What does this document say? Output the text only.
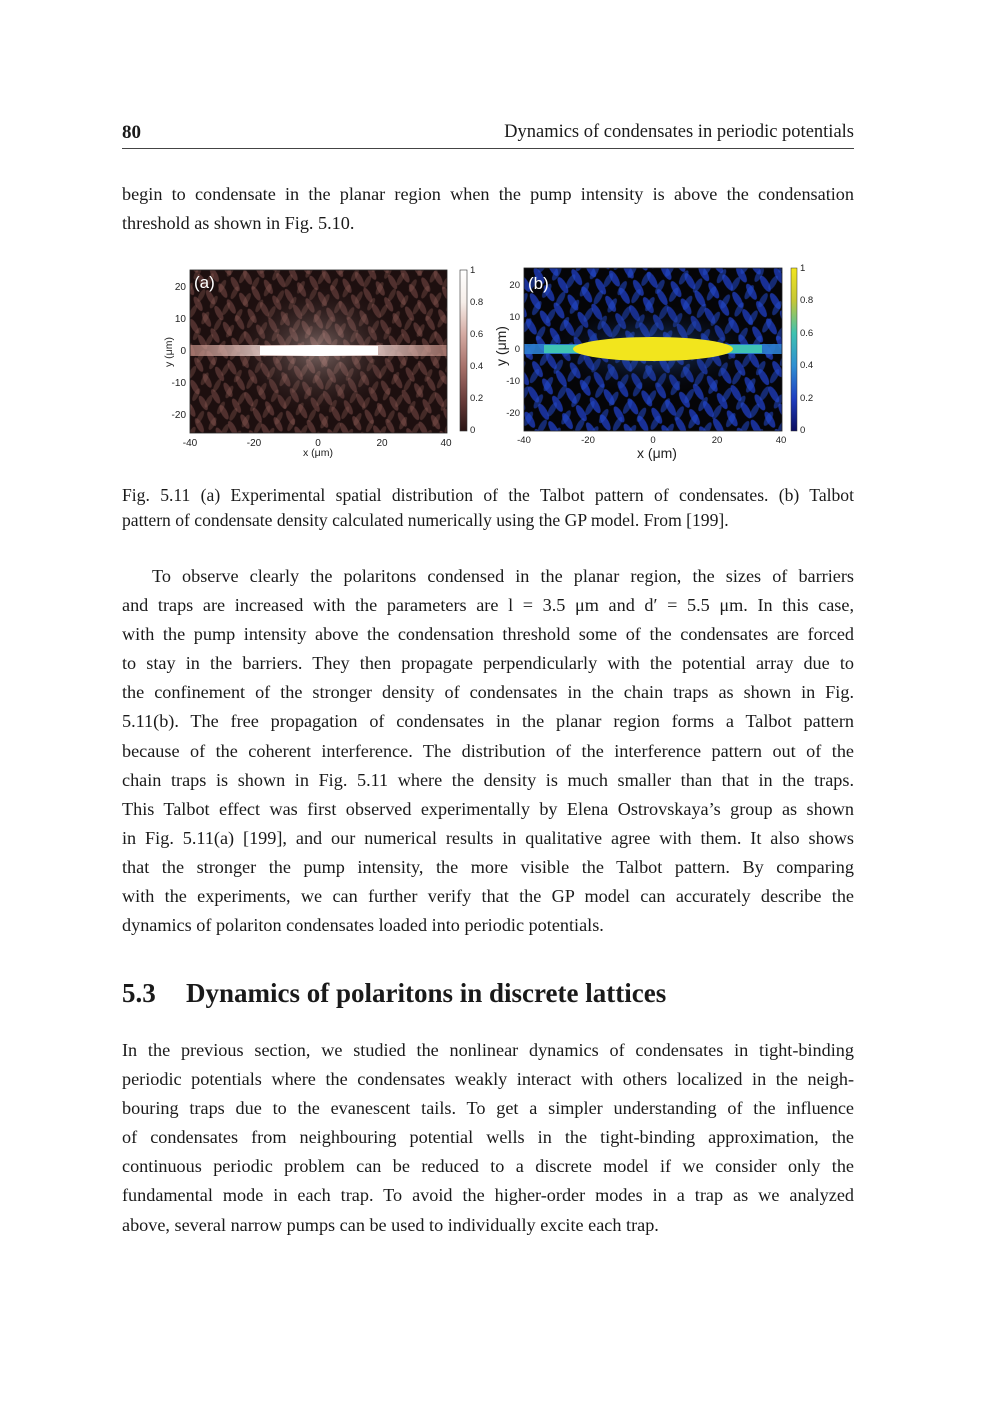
80	Dynamics of condensates in periodic potentials
begin to condensate in the planar region when the pump intensity is above the condensation
threshold as shown in Fig. 5.10.
(a)
20
10
0
-10
-20
-40	-20	0	20	40
x (μm)
y (μm)
1
0.8
0.6
0.4
0.2
0
(b)
20
10
0
-10
-20
-40	-20	0	20	40
x (μm)
y (μm)
1
0.8
0.6
0.4
0.2
0
Fig. 5.11 (a) Experimental spatial distribution of the Talbot pattern of condensates. (b) Talbot
pattern of condensate density calculated numerically using the GP model. From [199].
To observe clearly the polaritons condensed in the planar region, the sizes of barriers
and traps are increased with the parameters are l = 3.5 μm and d′ = 5.5 μm. In this case,
with the pump intensity above the condensation threshold some of the condensates are forced
to stay in the barriers. They then propagate perpendicularly with the potential array due to
the confinement of the stronger density of condensates in the chain traps as shown in Fig.
5.11(b). The free propagation of condensates in the planar region forms a Talbot pattern
because of the coherent interference. The distribution of the interference pattern out of the
chain traps is shown in Fig. 5.11 where the density is much smaller than that in the traps.
This Talbot effect was first observed experimentally by Elena Ostrovskaya’s group as shown
in Fig. 5.11(a) [199], and our numerical results in qualitative agree with them. It also shows
that the stronger the pump intensity, the more visible the Talbot pattern. By comparing
with the experiments, we can further verify that the GP model can accurately describe the
dynamics of polariton condensates loaded into periodic potentials.
5.3 Dynamics of polaritons in discrete lattices
In the previous section, we studied the nonlinear dynamics of condensates in tight-binding
periodic potentials where the condensates weakly interact with others localized in the neigh-
bouring traps due to the evanescent tails. To get a simpler understanding of the influence
of condensates from neighbouring potential wells in the tight-binding approximation, the
continuous periodic problem can be reduced to a discrete model if we consider only the
fundamental mode in each trap. To avoid the higher-order modes in a trap as we analyzed
above, several narrow pumps can be used to individually excite each trap.
